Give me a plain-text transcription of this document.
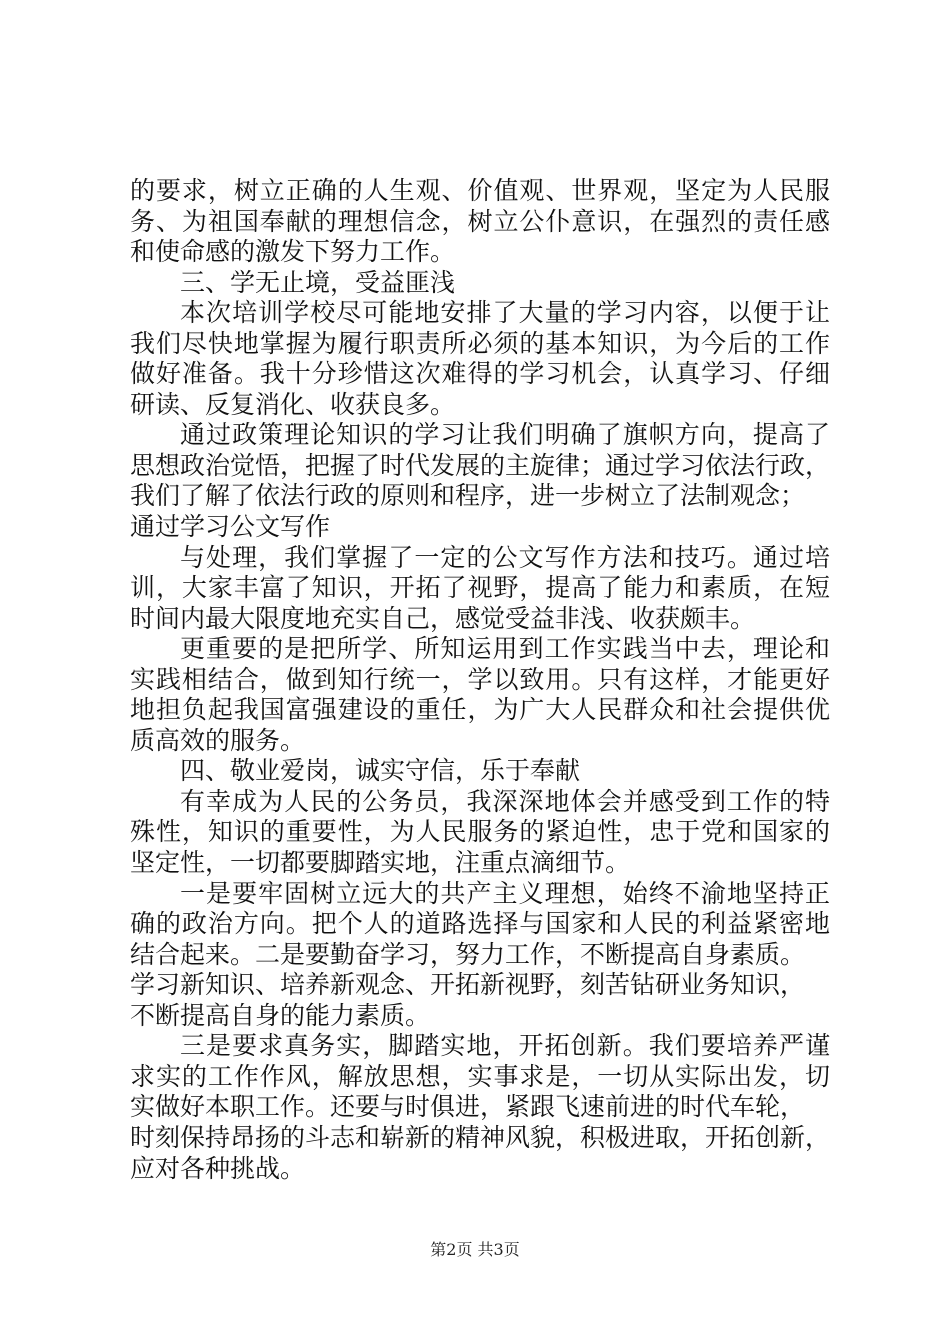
的要求，树立正确的人生观、价值观、世界观，坚定为人民服
务、为祖国奉献的理想信念，树立公仆意识，在强烈的责任感
和使命感的激发下努力工作。
三、学无止境，受益匪浅
本次培训学校尽可能地安排了大量的学习内容，以便于让
我们尽快地掌握为履行职责所必须的基本知识，为今后的工作
做好准备。我十分珍惜这次难得的学习机会，认真学习、仔细
研读、反复消化、收获良多。
通过政策理论知识的学习让我们明确了旗帜方向，提高了
思想政治觉悟，把握了时代发展的主旋律；通过学习依法行政，
我们了解了依法行政的原则和程序，进一步树立了法制观念；
通过学习公文写作
与处理，我们掌握了一定的公文写作方法和技巧。通过培
训，大家丰富了知识，开拓了视野，提高了能力和素质，在短
时间内最大限度地充实自己，感觉受益非浅、收获颇丰。
更重要的是把所学、所知运用到工作实践当中去，理论和
实践相结合，做到知行统一，学以致用。只有这样，才能更好
地担负起我国富强建设的重任，为广大人民群众和社会提供优
质高效的服务。
四、敬业爱岗，诚实守信，乐于奉献
有幸成为人民的公务员，我深深地体会并感受到工作的特
殊性，知识的重要性，为人民服务的紧迫性，忠于党和国家的
坚定性，一切都要脚踏实地，注重点滴细节。
一是要牢固树立远大的共产主义理想，始终不渝地坚持正
确的政治方向。把个人的道路选择与国家和人民的利益紧密地
结合起来。二是要勤奋学习，努力工作，不断提高自身素质。
学习新知识、培养新观念、开拓新视野，刻苦钻研业务知识，
不断提高自身的能力素质。
三是要求真务实，脚踏实地，开拓创新。我们要培养严谨
求实的工作作风，解放思想，实事求是，一切从实际出发，切
实做好本职工作。还要与时俱进，紧跟飞速前进的时代车轮，
时刻保持昂扬的斗志和崭新的精神风貌，积极进取，开拓创新，
应对各种挑战。
第2页 共3页
